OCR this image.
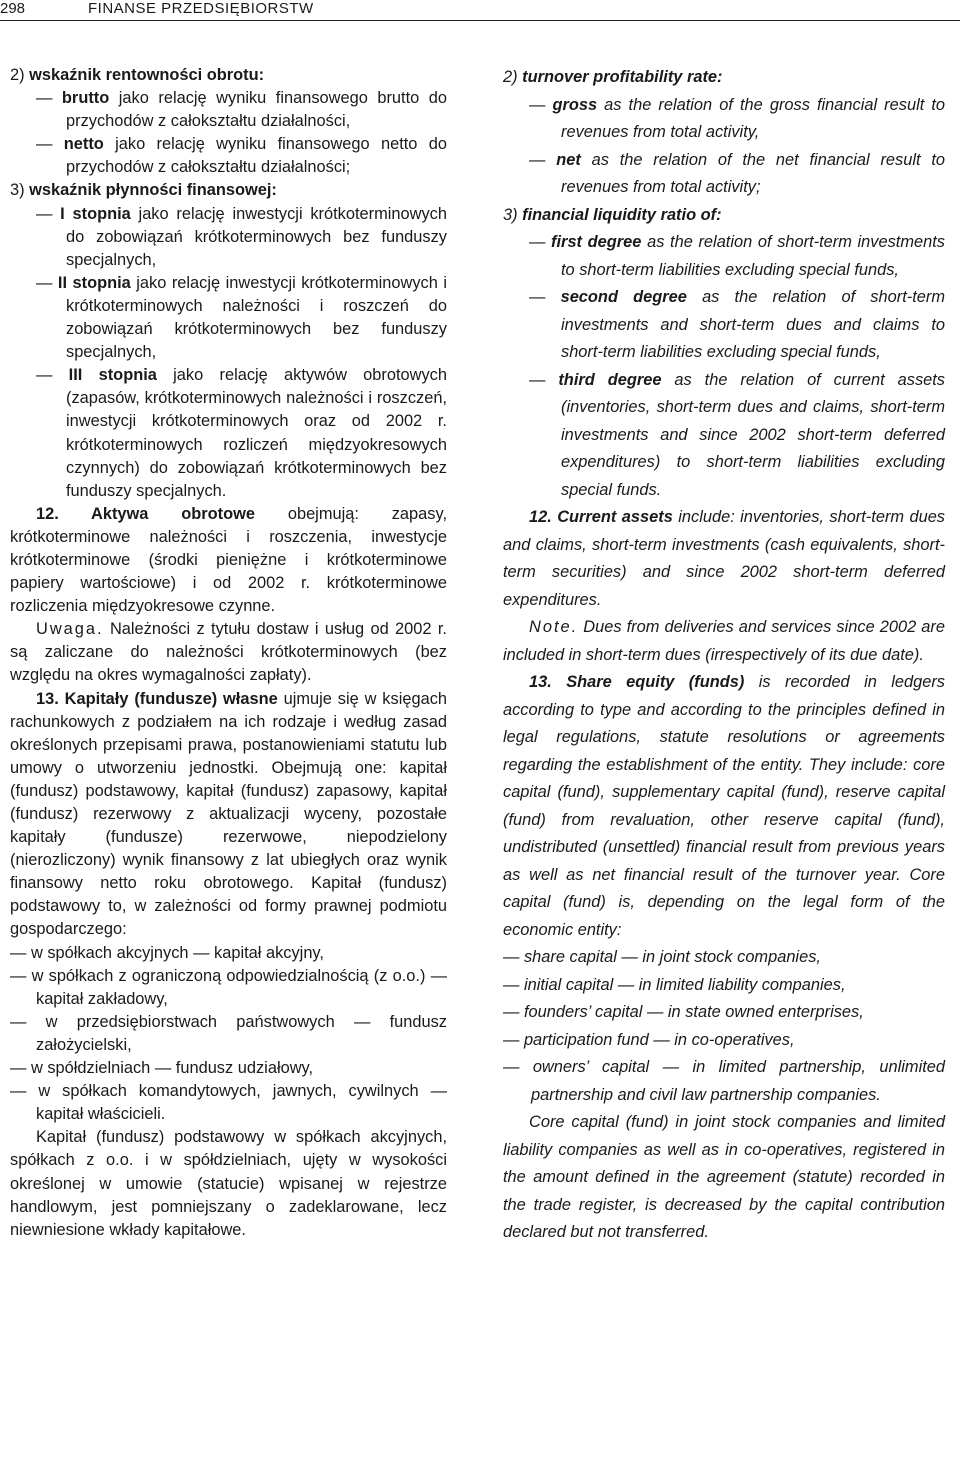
298	FINANSE PRZEDSIĘBIORSTW

2) wskaźnik rentowności obrotu:

— brutto jako relację wyniku finansowego brutto do przychodów z całokształtu działalności,

— netto jako relację wyniku finansowego netto do przychodów z całokształtu działalności;

3) wskaźnik płynności finansowej:

— I stopnia jako relację inwestycji krótkoterminowych do zobowiązań krótkoterminowych bez funduszy specjalnych,

— II stopnia jako relację inwestycji krótkoterminowych i krótkoterminowych należności i roszczeń do zobowiązań krótkoterminowych bez funduszy specjalnych,

— III stopnia jako relację aktywów obrotowych (zapasów, krótkoterminowych należności i roszczeń, inwestycji krótkoterminowych oraz od 2002 r. krótkoterminowych rozliczeń międzyokresowych czynnych) do zobowiązań krótkoterminowych bez funduszy specjalnych.

12. Aktywa obrotowe obejmują: zapasy, krótkoterminowe należności i roszczenia, inwestycje krótkoterminowe (środki pieniężne i krótkoterminowe papiery wartościowe) i od 2002 r. krótkoterminowe rozliczenia międzyokresowe czynne.

Uwaga. Należności z tytułu dostaw i usług od 2002 r. są zaliczane do należności krótkoterminowych (bez względu na okres wymagalności zapłaty).

13. Kapitały (fundusze) własne ujmuje się w księgach rachunkowych z podziałem na ich rodzaje i według zasad określonych przepisami prawa, postanowieniami statutu lub umowy o utworzeniu jednostki. Obejmują one: kapitał (fundusz) podstawowy, kapitał (fundusz) zapasowy, kapitał (fundusz) rezerwowy z aktualizacji wyceny, pozostałe kapitały (fundusze) rezerwowe, niepodzielony (nierozliczony) wynik finansowy z lat ubiegłych oraz wynik finansowy netto roku obrotowego. Kapitał (fundusz) podstawowy to, w zależności od formy prawnej podmiotu gospodarczego:

— w spółkach akcyjnych — kapitał akcyjny,

— w spółkach z ograniczoną odpowiedzialnością (z o.o.) — kapitał zakładowy,

— w przedsiębiorstwach państwowych — fundusz założycielski,

— w spółdzielniach — fundusz udziałowy,

— w spółkach komandytowych, jawnych, cywilnych — kapitał właścicieli.

Kapitał (fundusz) podstawowy w spółkach akcyjnych, spółkach z o.o. i w spółdzielniach, ujęty w wysokości określonej w umowie (statucie) wpisanej w rejestrze handlowym, jest pomniejszany o zadeklarowane, lecz niewniesione wkłady kapitałowe.

2) turnover profitability rate:

— gross as the relation of the gross financial result to revenues from total activity,

— net as the relation of the net financial result to revenues from total activity;

3) financial liquidity ratio of:

— first degree as the relation of short-term investments to short-term liabilities excluding special funds,

— second degree as the relation of short-term investments and short-term dues and claims to short-term liabilities excluding special funds,

— third degree as the relation of current assets (inventories, short-term dues and claims, short-term investments and since 2002 short-term deferred expenditures) to short-term liabilities excluding special funds.

12. Current assets include: inventories, short-term dues and claims, short-term investments (cash equivalents, short-term securities) and since 2002 short-term deferred expenditures.

Note. Dues from deliveries and services since 2002 are included in short-term dues (irrespectively of its due date).

13. Share equity (funds) is recorded in ledgers according to type and according to the principles defined in legal regulations, statute resolutions or agreements regarding the establishment of the entity. They include: core capital (fund), supplementary capital (fund), reserve capital (fund) from revaluation, other reserve capital (fund), undistributed (unsettled) financial result from previous years as well as net financial result of the turnover year. Core capital (fund) is, depending on the legal form of the economic entity:

— share capital — in joint stock companies,

— initial capital — in limited liability companies,

— founders’ capital — in state owned enterprises,

— participation fund — in co-operatives,

— owners’ capital — in limited partnership, unlimited partnership and civil law partnership companies.

Core capital (fund) in joint stock companies and limited liability companies as well as in co-operatives, registered in the amount defined in the agreement (statute) recorded in the trade register, is decreased by the capital contribution declared but not transferred.
